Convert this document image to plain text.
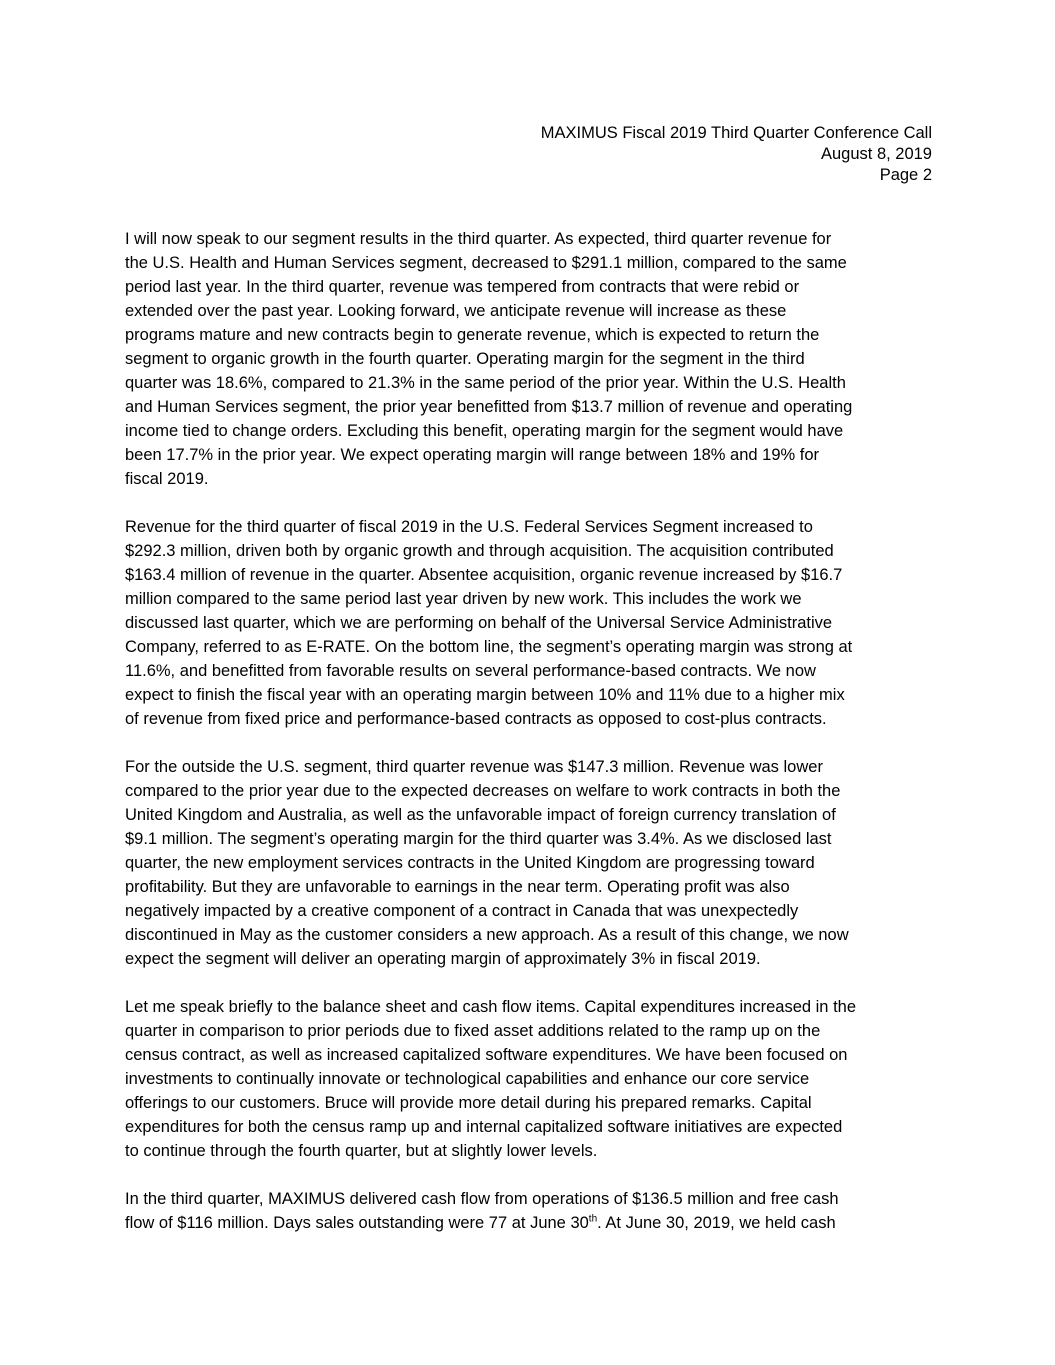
MAXIMUS Fiscal 2019 Third Quarter Conference Call
August 8, 2019
Page 2
I will now speak to our segment results in the third quarter. As expected, third quarter revenue for
the U.S. Health and Human Services segment, decreased to $291.1 million, compared to the same
period last year. In the third quarter, revenue was tempered from contracts that were rebid or
extended over the past year. Looking forward, we anticipate revenue will increase as these
programs mature and new contracts begin to generate revenue, which is expected to return the
segment to organic growth in the fourth quarter. Operating margin for the segment in the third
quarter was 18.6%, compared to 21.3% in the same period of the prior year. Within the U.S. Health
and Human Services segment, the prior year benefitted from $13.7 million of revenue and operating
income tied to change orders. Excluding this benefit, operating margin for the segment would have
been 17.7% in the prior year. We expect operating margin will range between 18% and 19% for
fiscal 2019.
Revenue for the third quarter of fiscal 2019 in the U.S. Federal Services Segment increased to
$292.3 million, driven both by organic growth and through acquisition. The acquisition contributed
$163.4 million of revenue in the quarter. Absentee acquisition, organic revenue increased by $16.7
million compared to the same period last year driven by new work. This includes the work we
discussed last quarter, which we are performing on behalf of the Universal Service Administrative
Company, referred to as E-RATE. On the bottom line, the segment’s operating margin was strong at
11.6%, and benefitted from favorable results on several performance-based contracts. We now
expect to finish the fiscal year with an operating margin between 10% and 11% due to a higher mix
of revenue from fixed price and performance-based contracts as opposed to cost-plus contracts.
For the outside the U.S. segment, third quarter revenue was $147.3 million. Revenue was lower
compared to the prior year due to the expected decreases on welfare to work contracts in both the
United Kingdom and Australia, as well as the unfavorable impact of foreign currency translation of
$9.1 million. The segment’s operating margin for the third quarter was 3.4%. As we disclosed last
quarter, the new employment services contracts in the United Kingdom are progressing toward
profitability. But they are unfavorable to earnings in the near term. Operating profit was also
negatively impacted by a creative component of a contract in Canada that was unexpectedly
discontinued in May as the customer considers a new approach. As a result of this change, we now
expect the segment will deliver an operating margin of approximately 3% in fiscal 2019.
Let me speak briefly to the balance sheet and cash flow items. Capital expenditures increased in the
quarter in comparison to prior periods due to fixed asset additions related to the ramp up on the
census contract, as well as increased capitalized software expenditures. We have been focused on
investments to continually innovate or technological capabilities and enhance our core service
offerings to our customers. Bruce will provide more detail during his prepared remarks. Capital
expenditures for both the census ramp up and internal capitalized software initiatives are expected
to continue through the fourth quarter, but at slightly lower levels.
In the third quarter, MAXIMUS delivered cash flow from operations of $136.5 million and free cash
flow of $116 million. Days sales outstanding were 77 at June 30th. At June 30, 2019, we held cash
